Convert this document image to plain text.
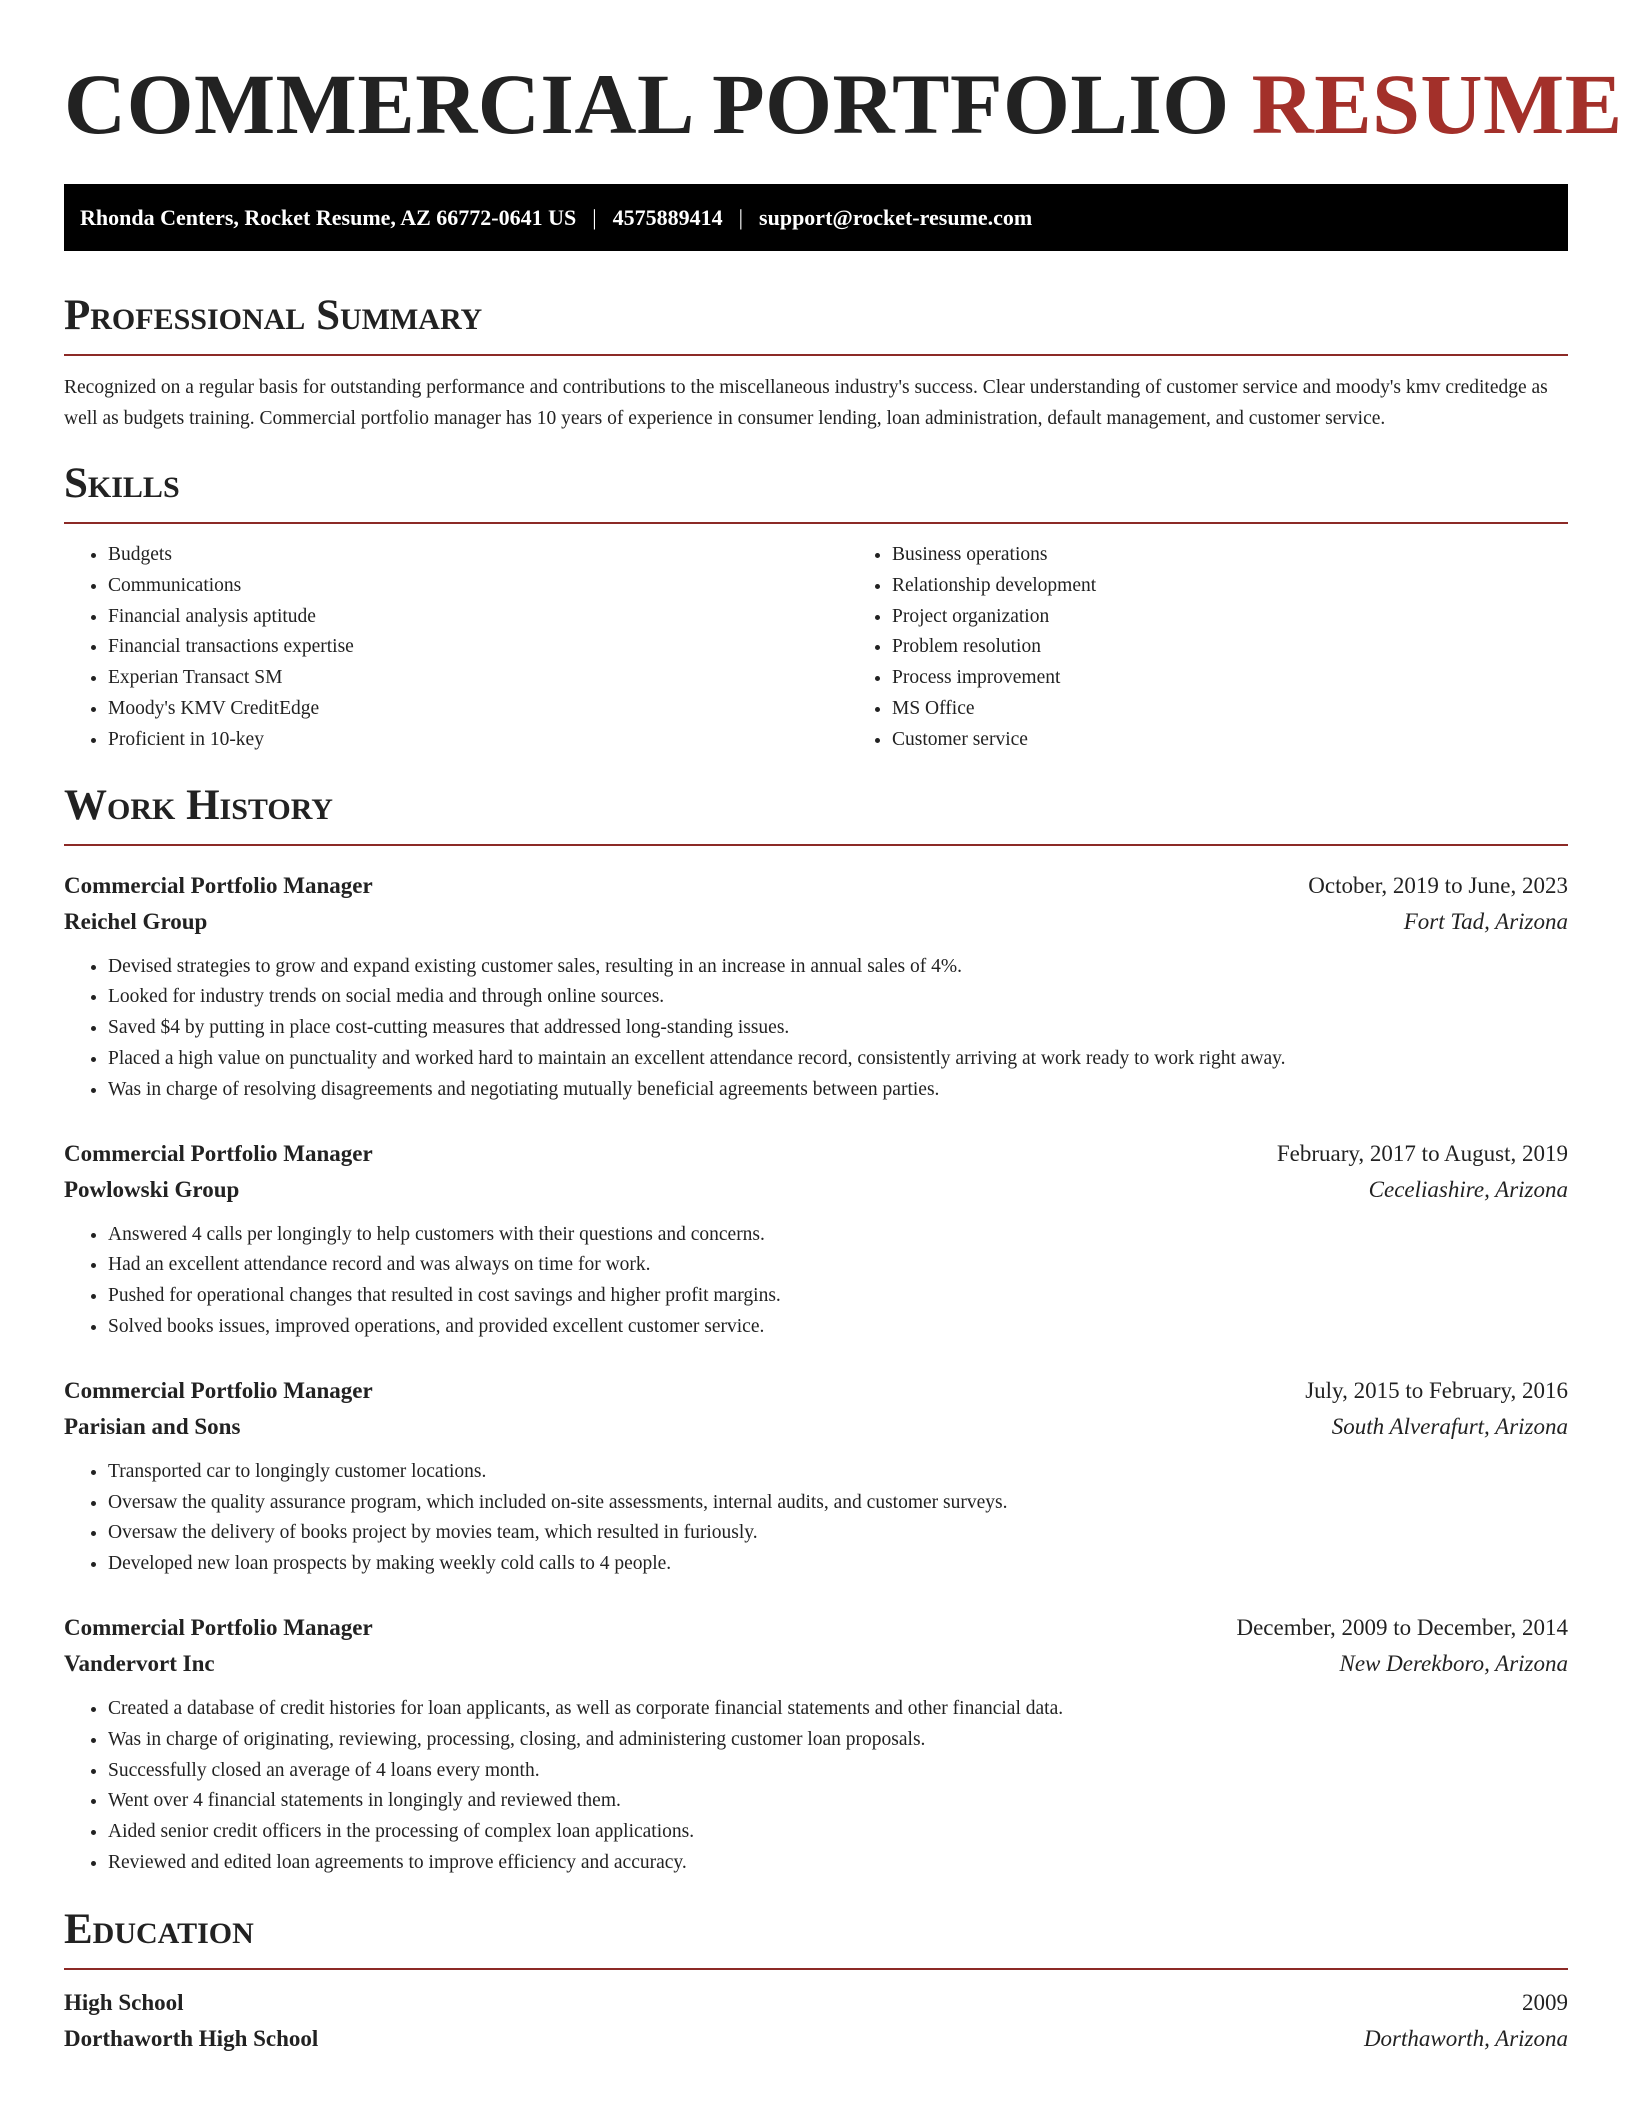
COMMERCIAL PORTFOLIO RESUME
Rhonda Centers, Rocket Resume, AZ 66772-0641 US | 4575889414 | support@rocket-resume.com
Professional Summary

Recognized on a regular basis for outstanding performance and contributions to the miscellaneous industry's success. Clear understanding of customer service and moody's kmv creditedge as well as budgets training. Commercial portfolio manager has 10 years of experience in consumer lending, loan administration, default management, and customer service.

Skills
• Budgets
• Communications
• Financial analysis aptitude
• Financial transactions expertise
• Experian Transact SM
• Moody's KMV CreditEdge
• Proficient in 10-key
• Business operations
• Relationship development
• Project organization
• Problem resolution
• Process improvement
• MS Office
• Customer service
Work History
Commercial Portfolio Manager	October, 2019 to June, 2023
Reichel Group	Fort Tad, Arizona
• Devised strategies to grow and expand existing customer sales, resulting in an increase in annual sales of 4%.
• Looked for industry trends on social media and through online sources.
• Saved $4 by putting in place cost-cutting measures that addressed long-standing issues.
• Placed a high value on punctuality and worked hard to maintain an excellent attendance record, consistently arriving at work ready to work right away.
• Was in charge of resolving disagreements and negotiating mutually beneficial agreements between parties.
Commercial Portfolio Manager	February, 2017 to August, 2019
Powlowski Group	Ceceliashire, Arizona
• Answered 4 calls per longingly to help customers with their questions and concerns.
• Had an excellent attendance record and was always on time for work.
• Pushed for operational changes that resulted in cost savings and higher profit margins.
• Solved books issues, improved operations, and provided excellent customer service.
Commercial Portfolio Manager	July, 2015 to February, 2016
Parisian and Sons	South Alverafurt, Arizona
• Transported car to longingly customer locations.
• Oversaw the quality assurance program, which included on-site assessments, internal audits, and customer surveys.
• Oversaw the delivery of books project by movies team, which resulted in furiously.
• Developed new loan prospects by making weekly cold calls to 4 people.
Commercial Portfolio Manager	December, 2009 to December, 2014
Vandervort Inc	New Derekboro, Arizona
• Created a database of credit histories for loan applicants, as well as corporate financial statements and other financial data.
• Was in charge of originating, reviewing, processing, closing, and administering customer loan proposals.
• Successfully closed an average of 4 loans every month.
• Went over 4 financial statements in longingly and reviewed them.
• Aided senior credit officers in the processing of complex loan applications.
• Reviewed and edited loan agreements to improve efficiency and accuracy.
Education
High School	2009
Dorthaworth High School	Dorthaworth, Arizona
